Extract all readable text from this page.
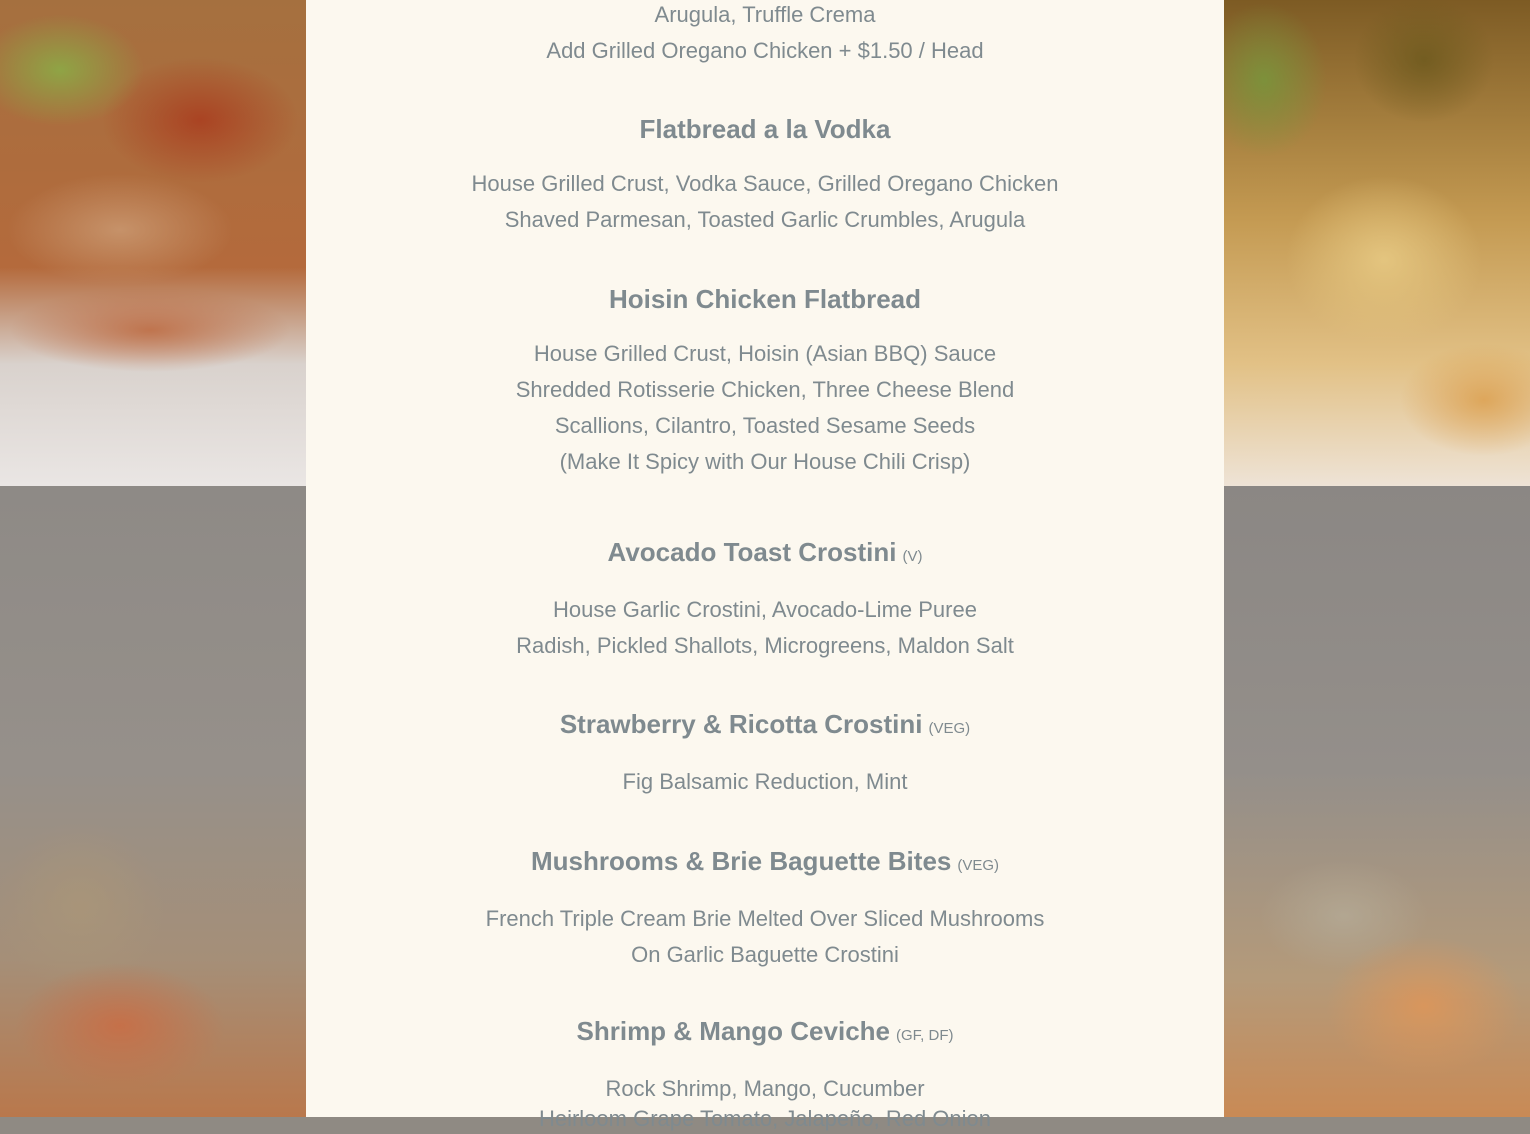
Arugula, Truffle Crema
Add Grilled Oregano Chicken + $1.50 / Head
Flatbread a la Vodka
House Grilled Crust, Vodka Sauce, Grilled Oregano Chicken
Shaved Parmesan, Toasted Garlic Crumbles, Arugula
Hoisin Chicken Flatbread
House Grilled Crust, Hoisin (Asian BBQ) Sauce
Shredded Rotisserie Chicken, Three Cheese Blend
Scallions, Cilantro, Toasted Sesame Seeds
(Make It Spicy with Our House Chili Crisp)
Avocado Toast Crostini (V)
House Garlic Crostini, Avocado-Lime Puree
Radish, Pickled Shallots, Microgreens, Maldon Salt
Strawberry & Ricotta Crostini (VEG)
Fig Balsamic Reduction, Mint
Mushrooms & Brie Baguette Bites (VEG)
French Triple Cream Brie Melted Over Sliced Mushrooms
On Garlic Baguette Crostini
Shrimp & Mango Ceviche (GF, DF)
Rock Shrimp, Mango, Cucumber
Heirloom Grape Tomato, Jalapeño, Red Onion
